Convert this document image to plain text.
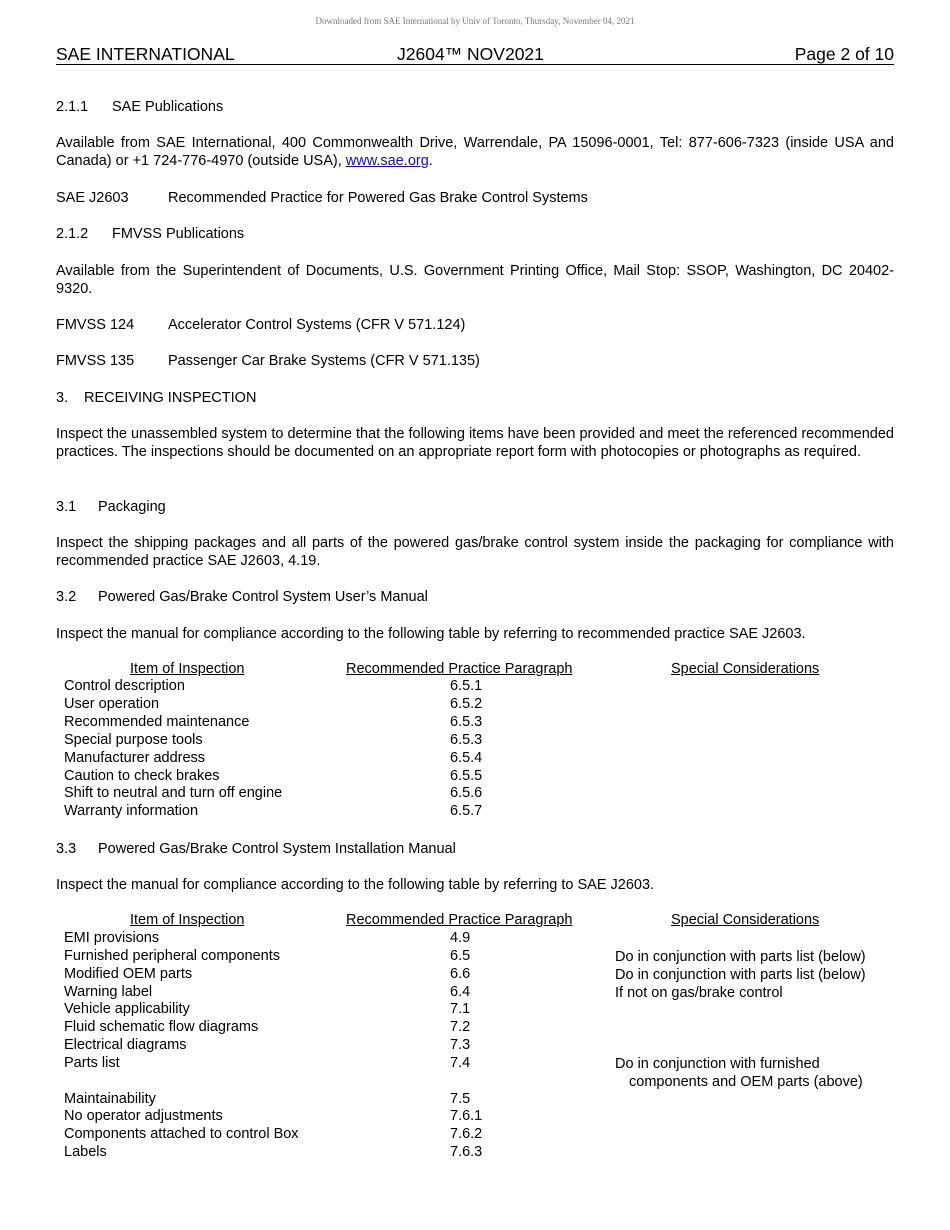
Downloaded from SAE International by Univ of Toronto, Thursday, November 04, 2021
SAE INTERNATIONAL	J2604™ NOV2021	Page 2 of 10
2.1.1 SAE Publications
Available from SAE International, 400 Commonwealth Drive, Warrendale, PA 15096-0001, Tel: 877-606-7323 (inside USA and Canada) or +1 724-776-4970 (outside USA), www.sae.org.
SAE J2603	Recommended Practice for Powered Gas Brake Control Systems
2.1.2 FMVSS Publications
Available from the Superintendent of Documents, U.S. Government Printing Office, Mail Stop: SSOP, Washington, DC 20402-9320.
FMVSS 124 Accelerator Control Systems (CFR V 571.124)
FMVSS 135 Passenger Car Brake Systems (CFR V 571.135)
3. RECEIVING INSPECTION
Inspect the unassembled system to determine that the following items have been provided and meet the referenced recommended practices. The inspections should be documented on an appropriate report form with photocopies or photographs as required.
3.1 Packaging
Inspect the shipping packages and all parts of the powered gas/brake control system inside the packaging for compliance with recommended practice SAE J2603, 4.19.
3.2 Powered Gas/Brake Control System User’s Manual
Inspect the manual for compliance according to the following table by referring to recommended practice SAE J2603.
Item of Inspection	Recommended Practice Paragraph	Special Considerations
Control description	6.5.1
User operation	6.5.2
Recommended maintenance	6.5.3
Special purpose tools	6.5.3
Manufacturer address	6.5.4
Caution to check brakes	6.5.5
Shift to neutral and turn off engine	6.5.6
Warranty information	6.5.7
3.3 Powered Gas/Brake Control System Installation Manual
Inspect the manual for compliance according to the following table by referring to SAE J2603.
Item of Inspection	Recommended Practice Paragraph	Special Considerations
EMI provisions	4.9
Furnished peripheral components	6.5	Do in conjunction with parts list (below)
Modified OEM parts	6.6	Do in conjunction with parts list (below)
Warning label	6.4	If not on gas/brake control
Vehicle applicability	7.1
Fluid schematic flow diagrams	7.2
Electrical diagrams	7.3
Parts list	7.4	Do in conjunction with furnished
components and OEM parts (above)
Maintainability	7.5
No operator adjustments	7.6.1
Components attached to control Box	7.6.2
Labels	7.6.3
